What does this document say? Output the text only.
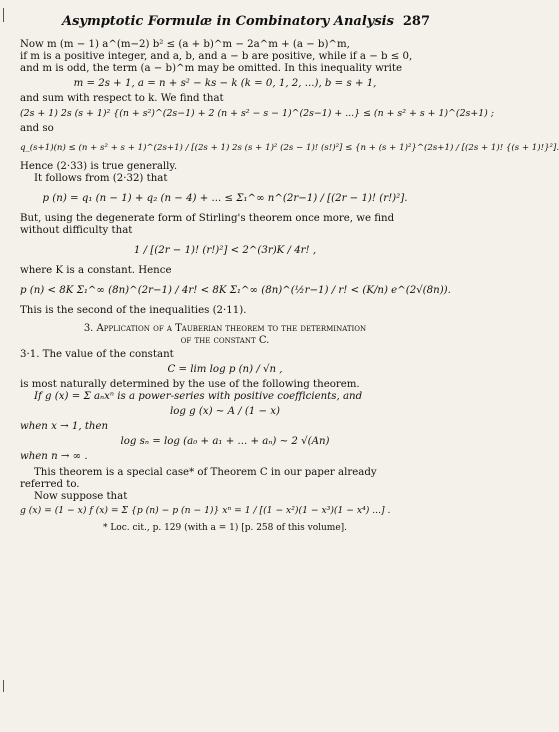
Asymptotic Formulæ in Combinatory Analysis 287

Now m (m − 1) a^(m−2) b² ≤ (a + b)^m − 2a^m + (a − b)^m,

if m is a positive integer, and a, b, and a − b are positive, while if a − b ≤ 0,

and m is odd, the term (a − b)^m may be omitted. In this inequality write

m = 2s + 1, a = n + s² − ks − k (k = 0, 1, 2, ...), b = s + 1,

and sum with respect to k. We find that

(2s + 1) 2s (s + 1)² {(n + s²)^(2s−1) + 2 (n + s² − s − 1)^(2s−1) + ...} ≤ (n + s² + s + 1)^(2s+1) ;

and so

q_(s+1)(n) ≤ (n + s² + s + 1)^(2s+1) / [(2s + 1) 2s (s + 1)² (2s − 1)! (s!)²] ≤ {n + (s + 1)²}^(2s+1) / [(2s + 1)! {(s + 1)!}²].

Hence (2·33) is true generally.

It follows from (2·32) that

p (n) = q₁ (n − 1) + q₂ (n − 4) + ... ≤ Σ₁^∞ n^(2r−1) / [(2r − 1)! (r!)²].

But, using the degenerate form of Stirling's theorem once more, we find

without difficulty that

1 / [(2r − 1)! (r!)²] < 2^(3r)K / 4r! ,

where K is a constant. Hence

p (n) < 8K Σ₁^∞ (8n)^(2r−1) / 4r! < 8K Σ₁^∞ (8n)^(½r−1) / r! < (K/n) e^(2√(8n)).

This is the second of the inequalities (2·11).

3. Application of a Tauberian theorem to the determination
of the constant C.

3·1. The value of the constant

C = lim log p (n) / √n ,

is most naturally determined by the use of the following theorem.

If g (x) = Σ aₙxⁿ is a power-series with positive coefficients, and

log g (x) ∼ A / (1 − x)

when x → 1, then

log sₙ = log (a₀ + a₁ + ... + aₙ) ∼ 2 √(An)

when n → ∞ .

This theorem is a special case* of Theorem C in our paper already

referred to.

Now suppose that

g (x) = (1 − x) f (x) = Σ {p (n) − p (n − 1)} xⁿ = 1 / [(1 − x²)(1 − x³)(1 − x⁴) ...] .

* Loc. cit., p. 129 (with a = 1) [p. 258 of this volume].
